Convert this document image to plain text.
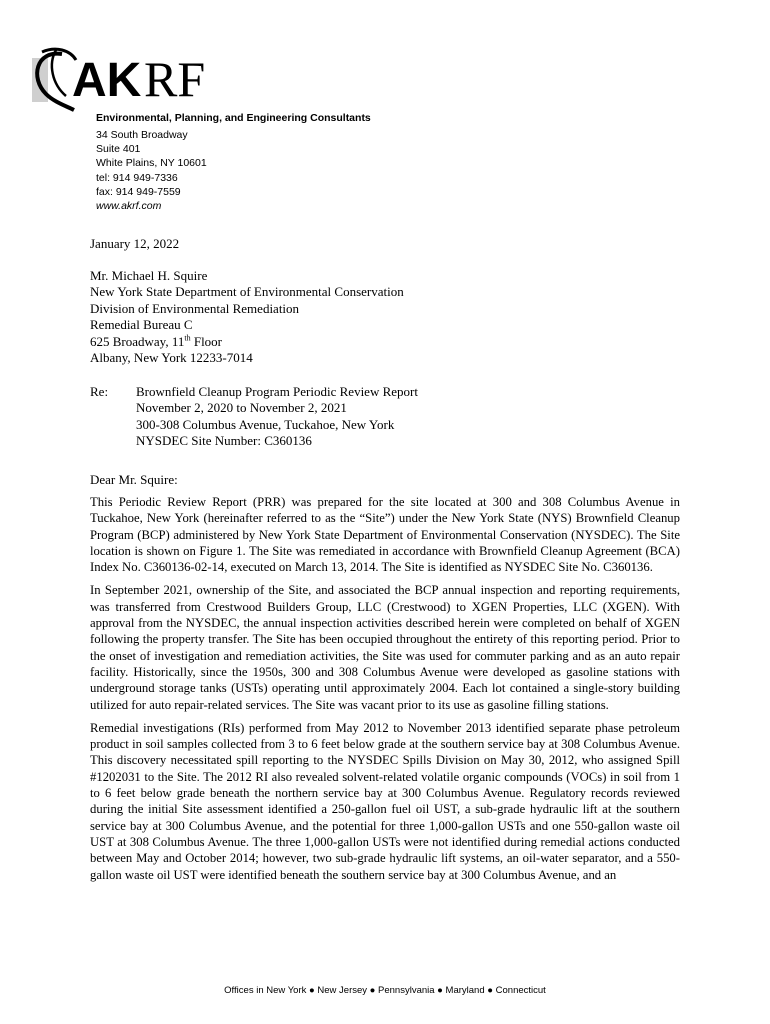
AK RF
Environmental, Planning, and Engineering Consultants
34 South Broadway
Suite 401
White Plains, NY 10601
tel: 914 949-7336
fax: 914 949-7559
www.akrf.com
January 12, 2022
Mr. Michael H. Squire
New York State Department of Environmental Conservation
Division of Environmental Remediation
Remedial Bureau C
625 Broadway, 11th Floor
Albany, New York 12233-7014
Re: Brownfield Cleanup Program Periodic Review Report
November 2, 2020 to November 2, 2021
300-308 Columbus Avenue, Tuckahoe, New York
NYSDEC Site Number: C360136
Dear Mr. Squire:

This Periodic Review Report (PRR) was prepared for the site located at 300 and 308 Columbus Avenue in Tuckahoe, New York (hereinafter referred to as the “Site”) under the New York State (NYS) Brownfield Cleanup Program (BCP) administered by New York State Department of Environmental Conservation (NYSDEC). The Site location is shown on Figure 1. The Site was remediated in accordance with Brownfield Cleanup Agreement (BCA) Index No. C360136-02-14, executed on March 13, 2014. The Site is identified as NYSDEC Site No. C360136.

In September 2021, ownership of the Site, and associated the BCP annual inspection and reporting requirements, was transferred from Crestwood Builders Group, LLC (Crestwood) to XGEN Properties, LLC (XGEN). With approval from the NYSDEC, the annual inspection activities described herein were completed on behalf of XGEN following the property transfer. The Site has been occupied throughout the entirety of this reporting period. Prior to the onset of investigation and remediation activities, the Site was used for commuter parking and as an auto repair facility. Historically, since the 1950s, 300 and 308 Columbus Avenue were developed as gasoline stations with underground storage tanks (USTs) operating until approximately 2004. Each lot contained a single-story building utilized for auto repair-related services. The Site was vacant prior to its use as gasoline filling stations.

Remedial investigations (RIs) performed from May 2012 to November 2013 identified separate phase petroleum product in soil samples collected from 3 to 6 feet below grade at the southern service bay at 308 Columbus Avenue. This discovery necessitated spill reporting to the NYSDEC Spills Division on May 30, 2012, who assigned Spill #1202031 to the Site. The 2012 RI also revealed solvent-related volatile organic compounds (VOCs) in soil from 1 to 6 feet below grade beneath the northern service bay at 300 Columbus Avenue. Regulatory records reviewed during the initial Site assessment identified a 250-gallon fuel oil UST, a sub-grade hydraulic lift at the southern service bay at 300 Columbus Avenue, and the potential for three 1,000-gallon USTs and one 550-gallon waste oil UST at 308 Columbus Avenue. The three 1,000-gallon USTs were not identified during remedial actions conducted between May and October 2014; however, two sub-grade hydraulic lift systems, an oil-water separator, and a 550-gallon waste oil UST were identified beneath the southern service bay at 300 Columbus Avenue, and an

Offices in New York ● New Jersey ● Pennsylvania ● Maryland ● Connecticut
